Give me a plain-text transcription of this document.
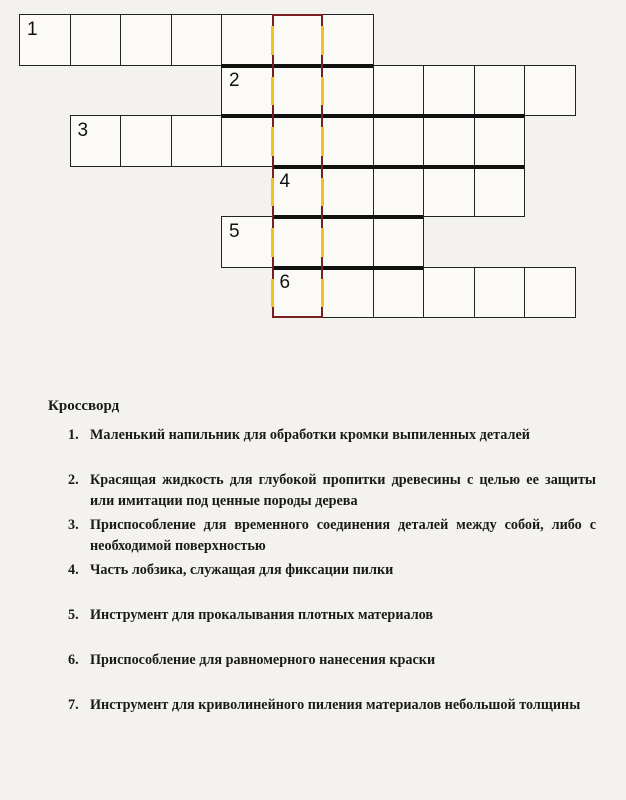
1
2
3
4
5
6
Кроссворд
1. Маленький напильник для обработки кромки выпиленных деталей
2. Красящая жидкость для глубокой пропитки древесины с целью ее защиты или имитации под ценные породы дерева
3. Приспособление для временного соединения деталей между собой, либо с необходимой поверхностью
4. Часть лобзика, служащая для фиксации пилки
5. Инструмент для прокалывания плотных материалов
6. Приспособление для равномерного нанесения краски
7. Инструмент для криволинейного пиления материалов небольшой толщины
